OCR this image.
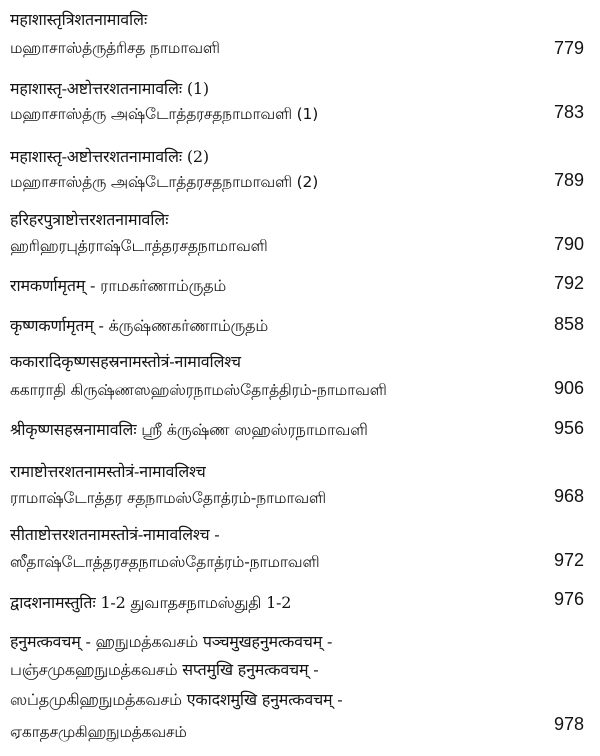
महाशास्तृत्रिशतनामावलिः
மஹாசாஸ்த்ருத்ரிசத நாமாவளி	779
महाशास्तृ-अष्टोत्तरशतनामावलिः (1)
மஹாசாஸ்த்ரு அஷ்டோத்தரசதநாமாவளி (1)	783
महाशास्तृ-अष्टोत्तरशतनामावलिः (2)
மஹாசாஸ்த்ரு அஷ்டோத்தரசதநாமாவளி (2)	789
हरिहरपुत्राष्टोत्तरशतनामावलिः
ஹரிஹரபுத்ராஷ்டோத்தரசதநாமாவளி	790
रामकर्णामृतम् - ராமகர்ணாம்ருதம்	792
कृष्णकर्णामृतम् - க்ருஷ்ணகர்ணாம்ருதம்	858
ककारादिकृष्णसहस्रनामस्तोत्रं-नामावलिश्च
ககாராதி கிருஷ்ணஸஹஸ்ரநாமஸ்தோத்திரம்-நாமாவளி	906
श्रीकृष्णसहस्रनामावलिः ஶ்ரீ க்ருஷ்ண ஸஹஸ்ரநாமாவளி	956
रामाष्टोत्तरशतनामस्तोत्रं-नामावलिश्च
ராமாஷ்டோத்தர சதநாமஸ்தோத்ரம்-நாமாவளி	968
सीताष्टोत्तरशतनामस्तोत्रं-नामावलिश्च -
ஸீதாஷ்டோத்தரசதநாமஸ்தோத்ரம்-நாமாவளி	972
द्वादशनामस्तुतिः 1-2 துவாதசநாமஸ்துதி 1-2	976
हनुमत्कवचम् - ஹநுமத்கவசம் पञ्चमुखहनुमत्कवचम् -
பஞ்சமுகஹநுமத்கவசம் सप्तमुखि हनुमत्कवचम् -
ஸப்தமுகிஹநுமத்கவசம் एकादशमुखि हनुमत्कवचम् -
ஏகாதசமுகிஹநுமத்கவசம்	978
